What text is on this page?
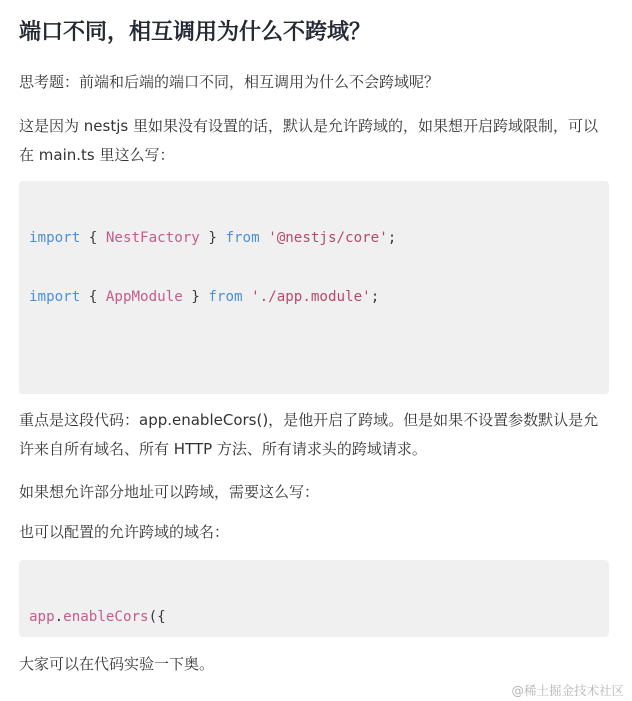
端口不同，相互调用为什么不跨域？

思考题：前端和后端的端口不同，相互调用为什么不会跨域呢？

这是因为 nestjs 里如果没有设置的话，默认是允许跨域的，如果想开启跨域限制，可以在 main.ts 里这么写：

import { NestFactory } from '@nestjs/core';

import { AppModule } from './app.module';

重点是这段代码：app.enableCors()，是他开启了跨域。但是如果不设置参数默认是允许来自所有域名、所有 HTTP 方法、所有请求头的跨域请求。

如果想允许部分地址可以跨域，需要这么写：

也可以配置的允许跨域的域名：

app.enableCors({

大家可以在代码实验一下奥。

@稀土掘金技术社区
